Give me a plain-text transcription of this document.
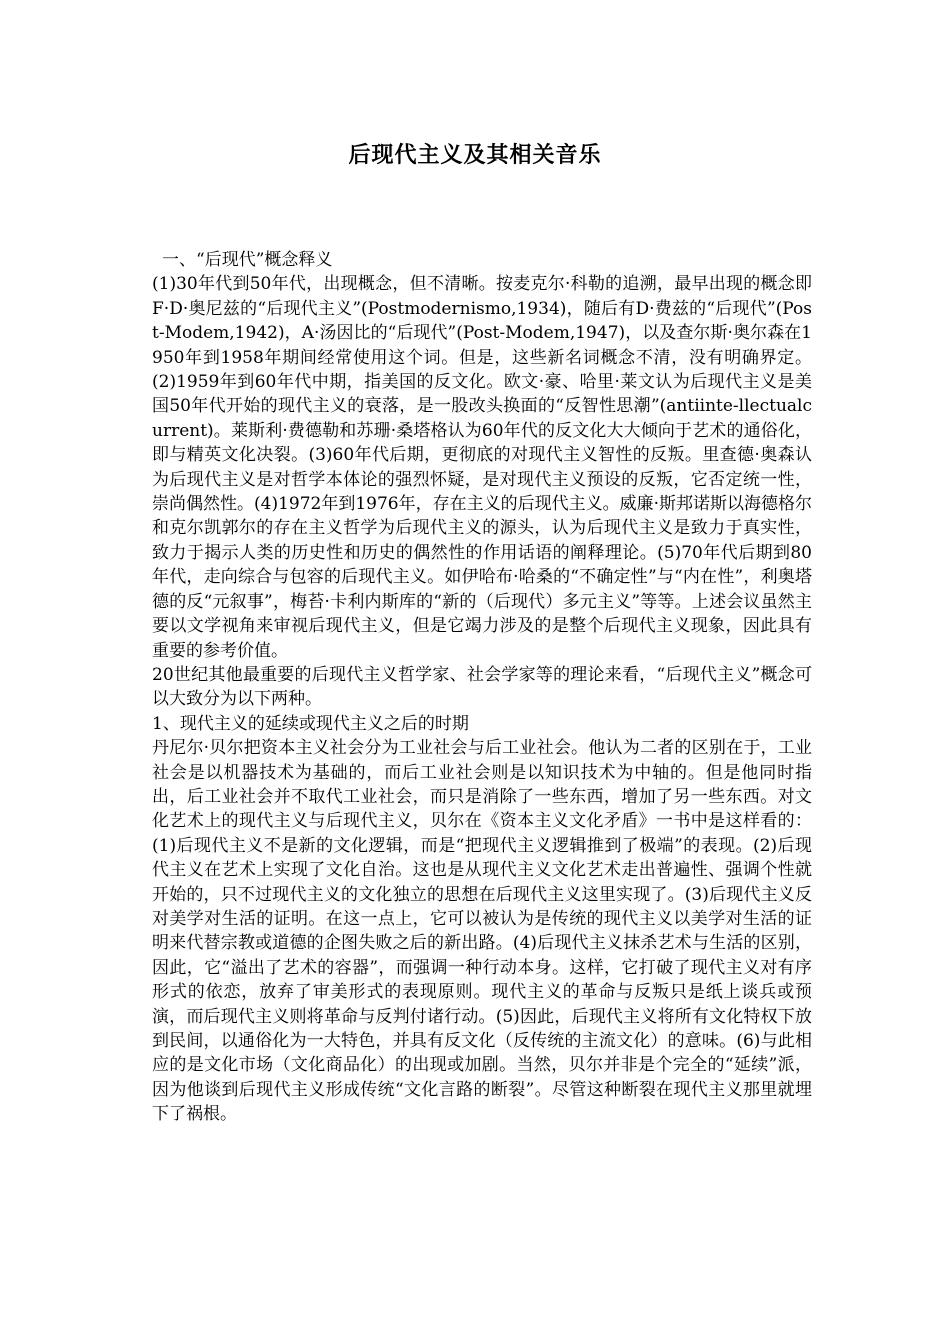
后现代主义及其相关音乐

一、“后现代”概念释义

(1)30年代到50年代，出现概念，但不清晰。按麦克尔·科勒的追溯，最早出现的概念即F·D·奥尼兹的“后现代主义”(Postmodernismo,1934)，随后有D·费兹的“后现代”(Post-Modem,1942)，A·汤因比的“后现代”(Post-Modem,1947)，以及查尔斯·奥尔森在1950年到1958年期间经常使用这个词。但是，这些新名词概念不清，没有明确界定。(2)1959年到60年代中期，指美国的反文化。欧文·豪、哈里·莱文认为后现代主义是美国50年代开始的现代主义的衰落，是一股改头换面的“反智性思潮”(antiinte-llectualcurrent)。莱斯利·费德勒和苏珊·桑塔格认为60年代的反文化大大倾向于艺术的通俗化，即与精英文化决裂。(3)60年代后期，更彻底的对现代主义智性的反叛。里查德·奥森认为后现代主义是对哲学本体论的强烈怀疑，是对现代主义预设的反叛，它否定统一性，崇尚偶然性。(4)1972年到1976年，存在主义的后现代主义。威廉·斯邦诺斯以海德格尔和克尔凯郭尔的存在主义哲学为后现代主义的源头，认为后现代主义是致力于真实性，致力于揭示人类的历史性和历史的偶然性的作用话语的阐释理论。(5)70年代后期到80年代，走向综合与包容的后现代主义。如伊哈布·哈桑的“不确定性”与“内在性”，利奥塔德的反“元叙事”，梅苔·卡利内斯库的“新的（后现代）多元主义”等等。上述会议虽然主要以文学视角来审视后现代主义，但是它竭力涉及的是整个后现代主义现象，因此具有重要的参考价值。

20世纪其他最重要的后现代主义哲学家、社会学家等的理论来看，“后现代主义”概念可以大致分为以下两种。

1、现代主义的延续或现代主义之后的时期

丹尼尔·贝尔把资本主义社会分为工业社会与后工业社会。他认为二者的区别在于，工业社会是以机器技术为基础的，而后工业社会则是以知识技术为中轴的。但是他同时指出，后工业社会并不取代工业社会，而只是消除了一些东西，增加了另一些东西。对文化艺术上的现代主义与后现代主义，贝尔在《资本主义文化矛盾》一书中是这样看的：(1)后现代主义不是新的文化逻辑，而是“把现代主义逻辑推到了极端”的表现。(2)后现代主义在艺术上实现了文化自治。这也是从现代主义文化艺术走出普遍性、强调个性就开始的，只不过现代主义的文化独立的思想在后现代主义这里实现了。(3)后现代主义反对美学对生活的证明。在这一点上，它可以被认为是传统的现代主义以美学对生活的证明来代替宗教或道德的企图失败之后的新出路。(4)后现代主义抹杀艺术与生活的区别，因此，它“溢出了艺术的容器”，而强调一种行动本身。这样，它打破了现代主义对有序形式的依恋，放弃了审美形式的表现原则。现代主义的革命与反叛只是纸上谈兵或预演，而后现代主义则将革命与反判付诸行动。(5)因此，后现代主义将所有文化特权下放到民间，以通俗化为一大特色，并具有反文化（反传统的主流文化）的意味。(6)与此相应的是文化市场（文化商品化）的出现或加剧。当然，贝尔并非是个完全的“延续”派，因为他谈到后现代主义形成传统“文化言路的断裂”。尽管这种断裂在现代主义那里就埋下了祸根。
